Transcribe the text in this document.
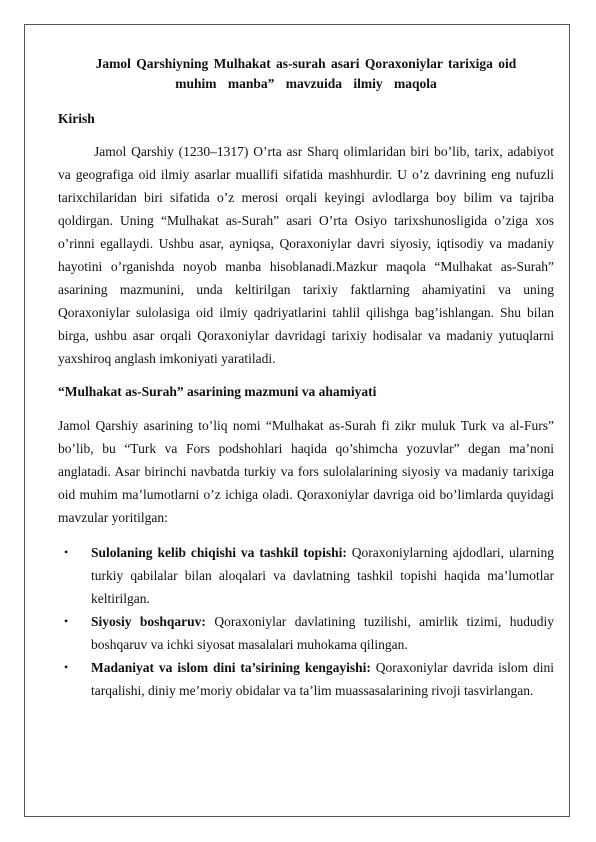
Jamol Qarshiyning Mulhakat as-surah asari Qoraxoniylar tarixiga oid
muhim manba” mavzuida ilmiy maqola
Kirish

Jamol Qarshiy (1230–1317) O’rta asr Sharq olimlaridan biri bo’lib, tarix, adabiyot va geografiga oid ilmiy asarlar muallifi sifatida mashhurdir. U o’z davrining eng nufuzli tarixchilaridan biri sifatida o’z merosi orqali keyingi avlodlarga boy bilim va tajriba qoldirgan. Uning “Mulhakat as-Surah” asari O’rta Osiyo tarixshunosligida o’ziga xos o’rinni egallaydi. Ushbu asar, ayniqsa, Qoraxoniylar davri siyosiy, iqtisodiy va madaniy hayotini o’rganishda noyob manba hisoblanadi.Mazkur maqola “Mulhakat as-Surah” asarining mazmunini, unda keltirilgan tarixiy faktlarning ahamiyatini va uning Qoraxoniylar sulolasiga oid ilmiy qadriyatlarini tahlil qilishga bag’ishlangan. Shu bilan birga, ushbu asar orqali Qoraxoniylar davridagi tarixiy hodisalar va madaniy yutuqlarni yaxshiroq anglash imkoniyati yaratiladi.

“Mulhakat as-Surah” asarining mazmuni va ahamiyati

Jamol Qarshiy asarining to’liq nomi “Mulhakat as-Surah fi zikr muluk Turk va al-Furs” bo’lib, bu “Turk va Fors podshohlari haqida qo’shimcha yozuvlar” degan ma’noni anglatadi. Asar birinchi navbatda turkiy va fors sulolalarining siyosiy va madaniy tarixiga oid muhim ma’lumotlarni o’z ichiga oladi. Qoraxoniylar davriga oid bo’limlarda quyidagi mavzular yoritilgan:

• Sulolaning kelib chiqishi va tashkil topishi: Qoraxoniylarning ajdodlari, ularning turkiy qabilalar bilan aloqalari va davlatning tashkil topishi haqida ma’lumotlar keltirilgan.
• Siyosiy boshqaruv: Qoraxoniylar davlatining tuzilishi, amirlik tizimi, hududiy boshqaruv va ichki siyosat masalalari muhokama qilingan.
• Madaniyat va islom dini ta’sirining kengayishi: Qoraxoniylar davrida islom dini tarqalishi, diniy me’moriy obidalar va ta’lim muassasalarining rivoji tasvirlangan.
